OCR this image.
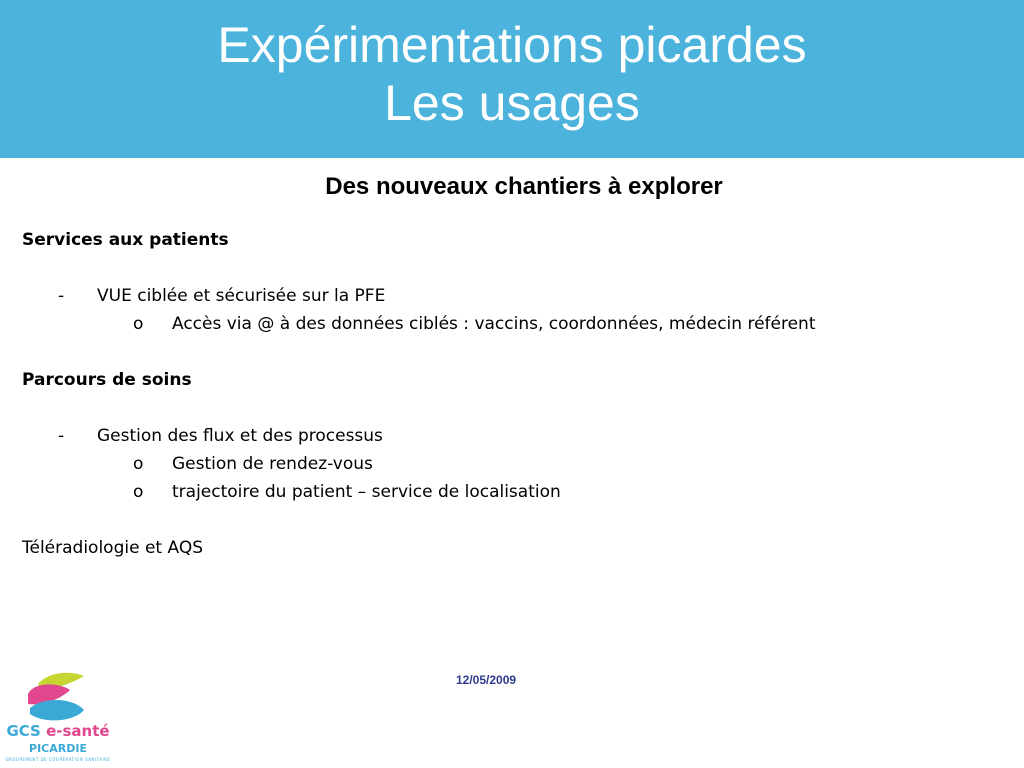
Expérimentations picardes
Les usages
Des nouveaux chantiers à explorer
Services aux patients
- VUE ciblée et sécurisée sur la PFE
o Accès via @ à des données ciblés : vaccins, coordonnées, médecin référent
Parcours de soins
- Gestion des flux et des processus
o Gestion de rendez-vous
o trajectoire du patient – service de localisation
Téléradiologie et AQS
12/05/2009
GCS e-santé
PICARDIE
GROUPEMENT DE COOPÉRATION SANITAIRE
